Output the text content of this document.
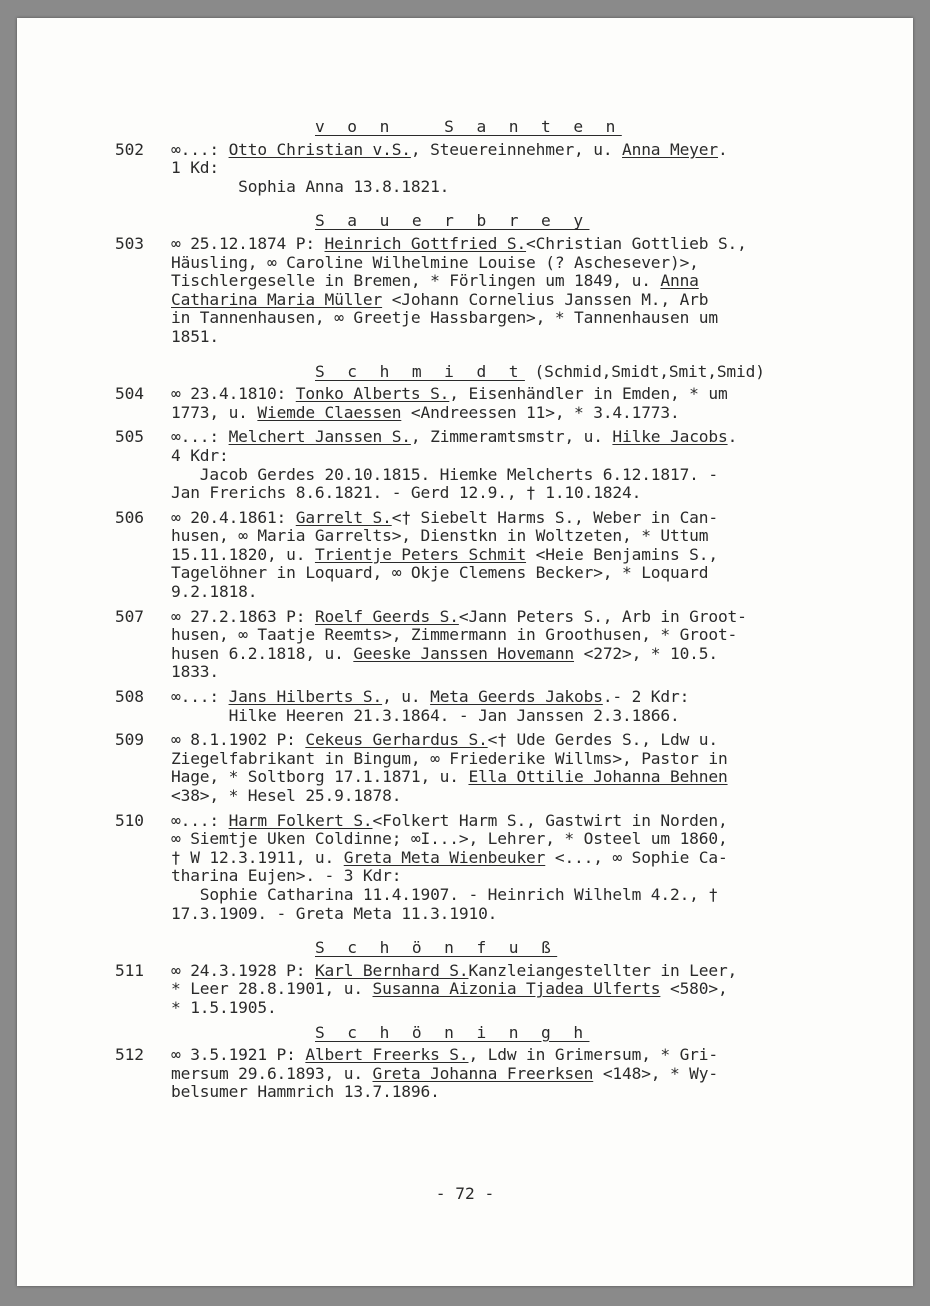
v o n   S a n t e n
502	∞...: Otto Christian v.S., Steuereinnehmer, u. Anna Meyer.
1 Kd:
Sophia Anna 13.8.1821.
S a u e r b r e y
503	∞ 25.12.1874 P: Heinrich Gottfried S.<Christian Gottlieb S.,
Häusling, ∞ Caroline Wilhelmine Louise (? Aschesever)>,
Tischlergeselle in Bremen, * Förlingen um 1849, u. Anna
Catharina Maria Müller <Johann Cornelius Janssen M., Arb
in Tannenhausen, ∞ Greetje Hassbargen>, * Tannenhausen um
1851.
S c h m i d t (Schmid,Smidt,Smit,Smid)
504	∞ 23.4.1810: Tonko Alberts S., Eisenhändler in Emden, * um
1773, u. Wiemde Claessen <Andreessen 11>, * 3.4.1773.
505	∞...: Melchert Janssen S., Zimmeramtsmstr, u. Hilke Jacobs.
4 Kdr:
Jacob Gerdes 20.10.1815. Hiemke Melcherts 6.12.1817. -
Jan Frerichs 8.6.1821. - Gerd 12.9., † 1.10.1824.
506	∞ 20.4.1861: Garrelt S.<† Siebelt Harms S., Weber in Can-
husen, ∞ Maria Garrelts>, Dienstkn in Woltzeten, * Uttum
15.11.1820, u. Trientje Peters Schmit <Heie Benjamins S.,
Tagelöhner in Loquard, ∞ Okje Clemens Becker>, * Loquard
9.2.1818.
507	∞ 27.2.1863 P: Roelf Geerds S.<Jann Peters S., Arb in Groot-
husen, ∞ Taatje Reemts>, Zimmermann in Groothusen, * Groot-
husen 6.2.1818, u. Geeske Janssen Hovemann <272>, * 10.5.
1833.
508	∞...: Jans Hilberts S., u. Meta Geerds Jakobs.- 2 Kdr:
Hilke Heeren 21.3.1864. - Jan Janssen 2.3.1866.
509	∞ 8.1.1902 P: Cekeus Gerhardus S.<† Ude Gerdes S., Ldw u.
Ziegelfabrikant in Bingum, ∞ Friederike Willms>, Pastor in
Hage, * Soltborg 17.1.1871, u. Ella Ottilie Johanna Behnen
<38>, * Hesel 25.9.1878.
510	∞...: Harm Folkert S.<Folkert Harm S., Gastwirt in Norden,
∞ Siemtje Uken Coldinne; ∞I...>, Lehrer, * Osteel um 1860,
† W 12.3.1911, u. Greta Meta Wienbeuker <..., ∞ Sophie Ca-
tharina Eujen>. - 3 Kdr:
Sophie Catharina 11.4.1907. - Heinrich Wilhelm 4.2., †
17.3.1909. - Greta Meta 11.3.1910.
S c h ö n f u ß
511	∞ 24.3.1928 P: Karl Bernhard S.Kanzleiangestellter in Leer,
* Leer 28.8.1901, u. Susanna Aizonia Tjadea Ulferts <580>,
* 1.5.1905.
S c h ö n i n g h
512	∞ 3.5.1921 P: Albert Freerks S., Ldw in Grimersum, * Gri-
mersum 29.6.1893, u. Greta Johanna Freerksen <148>, * Wy-
belsumer Hammrich 13.7.1896.
- 72 -
